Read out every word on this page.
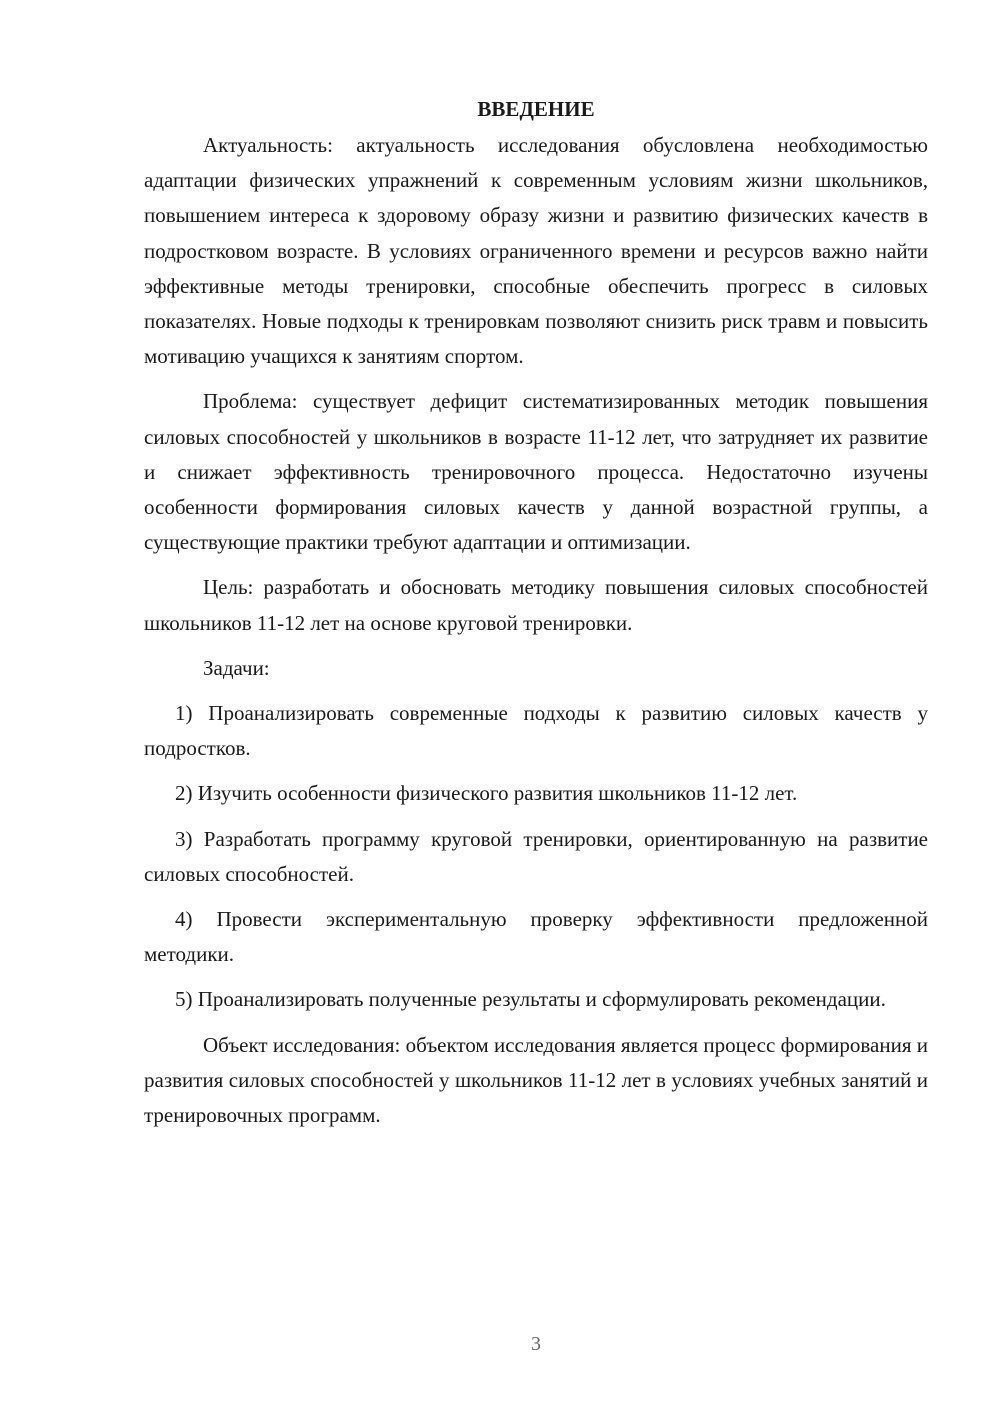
ВВЕДЕНИЕ

Актуальность: актуальность исследования обусловлена необходимостью адаптации физических упражнений к современным условиям жизни школьников, повышением интереса к здоровому образу жизни и развитию физических качеств в подростковом возрасте. В условиях ограниченного времени и ресурсов важно найти эффективные методы тренировки, способные обеспечить прогресс в силовых показателях. Новые подходы к тренировкам позволяют снизить риск травм и повысить мотивацию учащихся к занятиям спортом.

Проблема: существует дефицит систематизированных методик повышения силовых способностей у школьников в возрасте 11-12 лет, что затрудняет их развитие и снижает эффективность тренировочного процесса. Недостаточно изучены особенности формирования силовых качеств у данной возрастной группы, а существующие практики требуют адаптации и оптимизации.

Цель: разработать и обосновать методику повышения силовых способностей школьников 11-12 лет на основе круговой тренировки.

Задачи:

1) Проанализировать современные подходы к развитию силовых качеств у подростков.

2) Изучить особенности физического развития школьников 11-12 лет.

3) Разработать программу круговой тренировки, ориентированную на развитие силовых способностей.

4) Провести экспериментальную проверку эффективности предложенной методики.

5) Проанализировать полученные результаты и сформулировать рекомендации.

Объект исследования: объектом исследования является процесс формирования и развития силовых способностей у школьников 11-12 лет в условиях учебных занятий и тренировочных программ.

3
